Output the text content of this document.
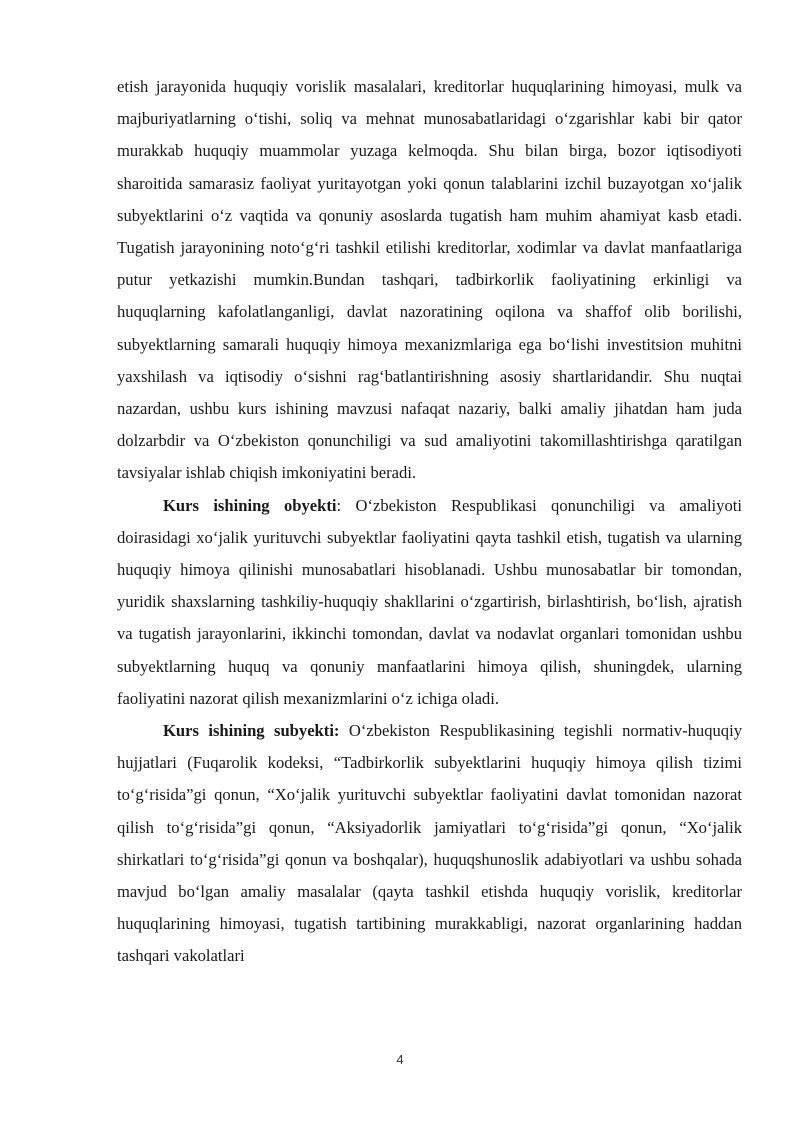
etish jarayonida huquqiy vorislik masalalari, kreditorlar huquqlarining himoyasi, mulk va majburiyatlarning o‘tishi, soliq va mehnat munosabatlaridagi o‘zgarishlar kabi bir qator murakkab huquqiy muammolar yuzaga kelmoqda. Shu bilan birga, bozor iqtisodiyoti sharoitida samarasiz faoliyat yuritayotgan yoki qonun talablarini izchil buzayotgan xo‘jalik subyektlarini o‘z vaqtida va qonuniy asoslarda tugatish ham muhim ahamiyat kasb etadi. Tugatish jarayonining noto‘g‘ri tashkil etilishi kreditorlar, xodimlar va davlat manfaatlariga putur yetkazishi mumkin.Bundan tashqari, tadbirkorlik faoliyatining erkinligi va huquqlarning kafolatlanganligi, davlat nazoratining oqilona va shaffof olib borilishi, subyektlarning samarali huquqiy himoya mexanizmlariga ega bo‘lishi investitsion muhitni yaxshilash va iqtisodiy o‘sishni rag‘batlantirishning asosiy shartlaridandir. Shu nuqtai nazardan, ushbu kurs ishining mavzusi nafaqat nazariy, balki amaliy jihatdan ham juda dolzarbdir va O‘zbekiston qonunchiligi va sud amaliyotini takomillashtirishga qaratilgan tavsiyalar ishlab chiqish imkoniyatini beradi.

Kurs ishining obyekti: O‘zbekiston Respublikasi qonunchiligi va amaliyoti doirasidagi xo‘jalik yurituvchi subyektlar faoliyatini qayta tashkil etish, tugatish va ularning huquqiy himoya qilinishi munosabatlari hisoblanadi. Ushbu munosabatlar bir tomondan, yuridik shaxslarning tashkiliy-huquqiy shakllarini o‘zgartirish, birlashtirish, bo‘lish, ajratish va tugatish jarayonlarini, ikkinchi tomondan, davlat va nodavlat organlari tomonidan ushbu subyektlarning huquq va qonuniy manfaatlarini himoya qilish, shuningdek, ularning faoliyatini nazorat qilish mexanizmlarini o‘z ichiga oladi.

Kurs ishining subyekti: O‘zbekiston Respublikasining tegishli normativ-huquqiy hujjatlari (Fuqarolik kodeksi, “Tadbirkorlik subyektlarini huquqiy himoya qilish tizimi to‘g‘risida”gi qonun, “Xo‘jalik yurituvchi subyektlar faoliyatini davlat tomonidan nazorat qilish to‘g‘risida”gi qonun, “Aksiyadorlik jamiyatlari to‘g‘risida”gi qonun, “Xo‘jalik shirkatlari to‘g‘risida”gi qonun va boshqalar), huquqshunoslik adabiyotlari va ushbu sohada mavjud bo‘lgan amaliy masalalar (qayta tashkil etishda huquqiy vorislik, kreditorlar huquqlarining himoyasi, tugatish tartibining murakkabligi, nazorat organlarining haddan tashqari vakolatlari

4
